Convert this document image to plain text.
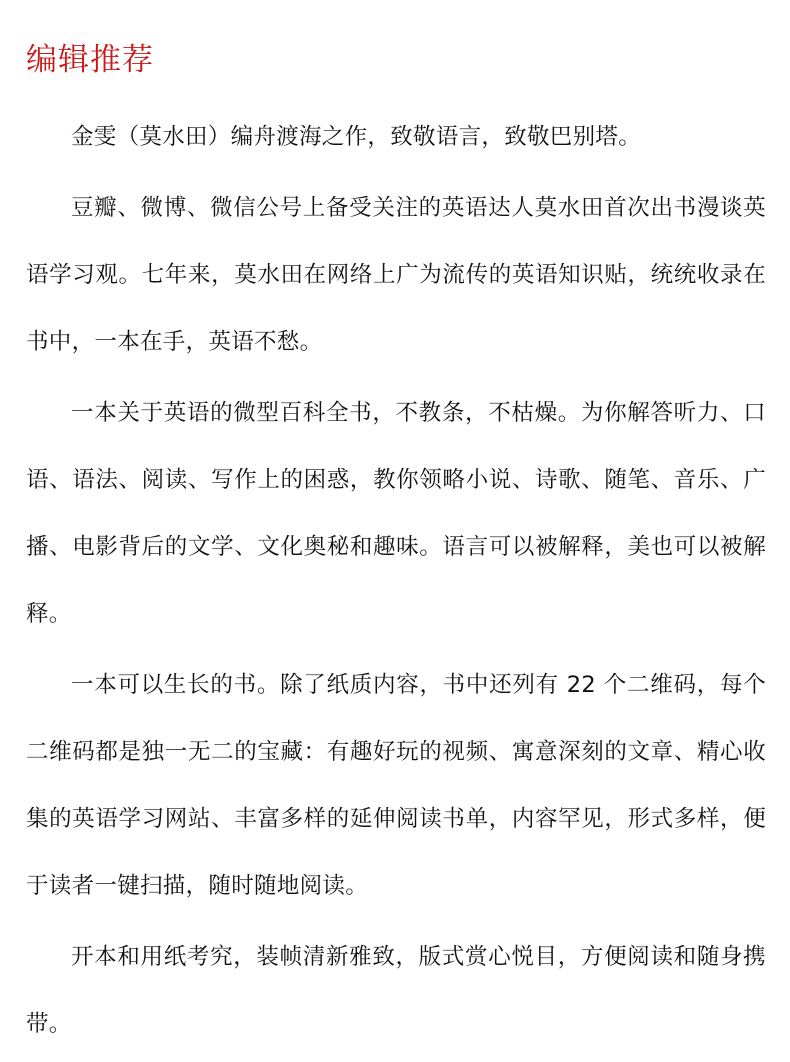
编辑推荐

金雯（莫水田）编舟渡海之作，致敬语言，致敬巴别塔。

豆瓣、微博、微信公号上备受关注的英语达人莫水田首次出书漫谈英语学习观。七年来，莫水田在网络上广为流传的英语知识贴，统统收录在书中，一本在手，英语不愁。

一本关于英语的微型百科全书，不教条，不枯燥。为你解答听力、口语、语法、阅读、写作上的困惑，教你领略小说、诗歌、随笔、音乐、广播、电影背后的文学、文化奥秘和趣味。语言可以被解释，美也可以被解释。

一本可以生长的书。除了纸质内容，书中还列有 22 个二维码，每个二维码都是独一无二的宝藏：有趣好玩的视频、寓意深刻的文章、精心收集的英语学习网站、丰富多样的延伸阅读书单，内容罕见，形式多样，便于读者一键扫描，随时随地阅读。

开本和用纸考究，装帧清新雅致，版式赏心悦目，方便阅读和随身携带。
